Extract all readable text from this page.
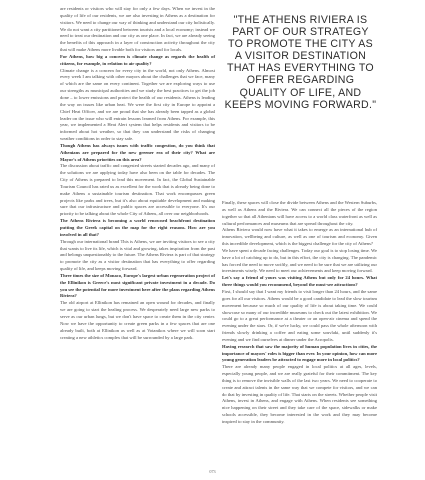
are residents or visitors who will stay for only a few days. When we invest in the quality of life of our residents, we are also investing in Athens as a destination for visitors. We need to change our way of thinking and understand our city holistically. We do not want a city partitioned between tourists and a local economy; instead we need to treat our destination and our city as one place. In fact, we are already seeing the benefits of this approach in a layer of construction activity throughout the city that will make Athens more livable both for visitors and for locals.

For Athens, how big a concern is climate change as regards the health of citizens, for example, in relation to air quality?

Climate change is a concern for every city in the world, not only Athens. Almost every week I am talking with other mayors about the challenges that we face, many of which are the same on every continent. Together we are exploring ways to use our strengths as municipal authorities and we study the best practices to get the job done – to lower emissions and protect the health of our residents. Athens is leading the way on issues like urban heat. We were the first city in Europe to appoint a Chief Heat Officer, and we are proud that she has already been tapped as a global leader on the issue who will entrain lessons learned from Athens. For example, this year, we implemented a Heat Alert system that helps residents and visitors to be informed about hot weather, so that they can understand the risks of changing weather conditions in order to stay safe.

Though Athens has always issues with traffic congestion, do you think that Athenians are prepared for the new greener era of their city? What are Mayor's of Athens priorities on this area?

The discussion about traffic and congested streets started decades ago, and many of the solutions we are applying today have also been on the table for decades. The City of Athens is prepared to lead this movement. In fact, the Global Sustainable Tourism Council has rated us as excellent for the work that is already being done to make Athens a sustainable tourism destination. That work encompasses green projects like parks and trees, but it's also about equitable development and making sure that our infrastructure and public spaces are accessible to everyone. It's our priority to be talking about the whole City of Athens, all over our neighborhoods.

The Athens Riviera is becoming a world renowned beachfront destination putting the Greek capital on the map for the right reasons. How are you involved in all that?

Through our international brand This is Athens, we are inviting visitors to see a city that wants to live its life, which is vital and growing, takes inspiration from the past and belongs unquestionably to the future. The Athens Riviera is part of that strategy to promote the city as a visitor destination that has everything to offer regarding quality of life, and keeps moving forward.

Three times the size of Monaco, Europe's largest urban regeneration project of the Ellinikon is Greece's most significant private investment in a decade. Do you see the potential for more investment here after the plans regarding Athens Riviera?

The old airport at Ellinikon has remained an open wound for decades, and finally we are going to start the healing process. We desperately need large new parks to serve as our urban lungs, but we don't have space to create them in the city center. Now we have the opportunity to create green parks in a few spaces that are one already built, both at Ellinikon as well as at Votanikos where we will soon start creating a new athletics complex that will be surrounded by a large park.

"THE ATHENS RIVIERA IS PART OF OUR STRATEGY TO PROMOTE THE CITY AS A VISITOR DESTINATION THAT HAS EVERYTHING TO OFFER REGARDING QUALITY OF LIFE, AND KEEPS MOVING FORWARD."

Finally, these spaces will close the divide between Athens and the Western Suburbs, as well as Athens and the Riviera. We can connect all the pieces of the region together so that all Athenians will have access to a world class waterfront as well as cultural performances and museums that are spread throughout the city.

Athens Riviera would now have what it takes to emerge as an international hub of innovation, wellbeing and culture, as well as one of tourism and economy. Given this incredible development, which is the biggest challenge for the city of Athens?

We have spent a decade facing challenges. Today our goal is to stop losing time. We have a lot of catching up to do, but in this effort, the city is changing. The pandemic has forced the need to move swiftly, and we need to be sure that we are utilizing our investments wisely. We need to meet our achievements and keep moving forward.

Let's say a friend of yours was visiting Athens but only for 24 hours. What three things would you recommend, beyond the must-see attractions?

First, I should say that I want my friends to visit longer than 24 hours, and the same goes for all our visitors. Athens would be a good candidate to lead the slow tourism movement because so much of our quality of life is about taking time. We could showcase so many of our incredible museums to check out the latest exhibition. We could go to a great performance at a theater or an open-air cinema and spend the evening under the stars. Or, if we're lucky, we could pass the whole afternoon with friends slowly drinking a coffee and eating some souvlaki, until suddenly it's evening and we find ourselves at dinner under the Acropolis.

Having research that saw the majority of human population lives in cities, the importance of mayors' roles is bigger than ever. In your opinion, how can more young generation leaders be attracted to engage more in local politics?

There are already many people engaged in local politics at all ages, levels, especially young people, and we are really grateful for their commitment. The key thing is to remove the invisible walls of the last two years. We need to cooperate to create and attract talents in the same way that we compete for visitors, and we can do that by investing in quality of life. That starts on the streets. Whether people visit Athens, invest in Athens, and engage with Athens. When residents see something nice happening on their street and they take care of the space, sidewalks or make schools accessible, they become interested in the work and they may become inspired to stay in the community.

073
